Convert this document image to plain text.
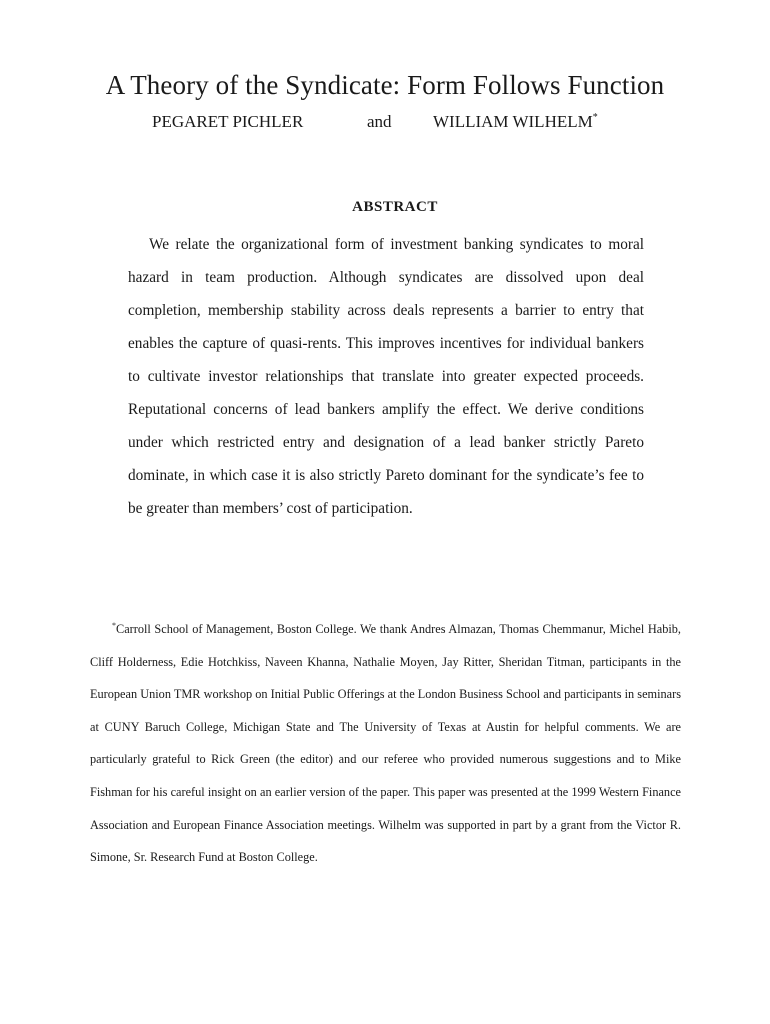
A Theory of the Syndicate: Form Follows Function
PEGARET PICHLER	and WILLIAM WILHELM*
ABSTRACT

We relate the organizational form of investment banking syndicates to moral hazard in team production. Although syndicates are dissolved upon deal completion, membership stability across deals represents a barrier to entry that enables the capture of quasi-rents. This improves incentives for individual bankers to cultivate investor relationships that translate into greater expected proceeds. Reputational concerns of lead bankers amplify the effect. We derive conditions under which restricted entry and designation of a lead banker strictly Pareto dominate, in which case it is also strictly Pareto dominant for the syndicate’s fee to be greater than members’ cost of participation.

*Carroll School of Management, Boston College. We thank Andres Almazan, Thomas Chemmanur, Michel Habib, Cliff Holderness, Edie Hotchkiss, Naveen Khanna, Nathalie Moyen, Jay Ritter, Sheridan Titman, participants in the European Union TMR workshop on Initial Public Offerings at the London Business School and participants in seminars at CUNY Baruch College, Michigan State and The University of Texas at Austin for helpful comments. We are particularly grateful to Rick Green (the editor) and our referee who provided numerous suggestions and to Mike Fishman for his careful insight on an earlier version of the paper. This paper was presented at the 1999 Western Finance Association and European Finance Association meetings. Wilhelm was supported in part by a grant from the Victor R. Simone, Sr. Research Fund at Boston College.
